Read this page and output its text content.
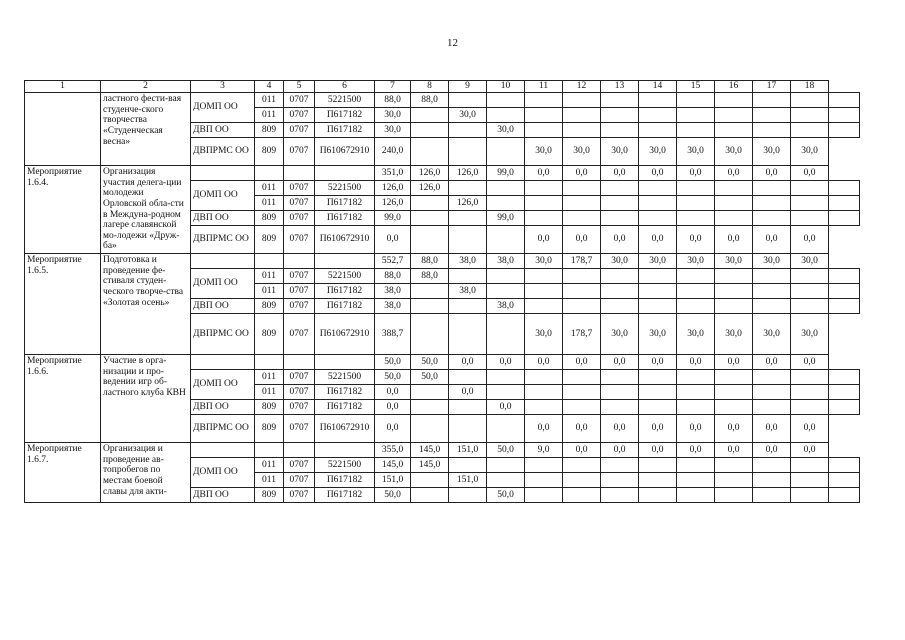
12
1	2	3	4	5	6	7	8	9	10	11	12	13	14	15	16	17	18	
	ластного фести-вая студенче-ского творчества «Студенческая весна»	ДОМП ОО	011	0707	5221500	88,0	88,0											
			011	0707	П617182	30,0		30,0										
		ДВП ОО	809	0707	П617182	30,0			30,0									
		ДВПРМС ОО	809	0707	П610672910	240,0				30,0	30,0	30,0	30,0	30,0	30,0	30,0	30,0	
Мероприятие 1.6.4.	Организация участия делега-ции молодежи Орловской обла-сти в Междуна-родном лагере славянской мо-лодежи «Друж-ба»					351,0	126,0	126,0	99,0	0,0	0,0	0,0	0,0	0,0	0,0	0,0	0,0	
		ДОМП ОО	011	0707	5221500	126,0	126,0											
			011	0707	П617182	126,0		126,0										
		ДВП ОО	809	0707	П617182	99,0			99,0									
		ДВПРМС ОО	809	0707	П610672910	0,0				0,0	0,0	0,0	0,0	0,0	0,0	0,0	0,0	
Мероприятие 1.6.5.	Подготовка и проведение фе-стиваля студен-ческого творче-ства «Золотая осень»					552,7	88,0	38,0	38,0	30,0	178,7	30,0	30,0	30,0	30,0	30,0	30,0	
		ДОМП ОО	011	0707	5221500	88,0	88,0											
			011	0707	П617182	38,0		38,0										
		ДВП ОО	809	0707	П617182	38,0			38,0									
		ДВПРМС ОО	809	0707	П610672910	388,7				30,0	178,7	30,0	30,0	30,0	30,0	30,0	30,0	
Мероприятие 1.6.6.	Участие в орга-низации и про-ведении игр об-ластного клуба КВН					50,0	50,0	0,0	0,0	0,0	0,0	0,0	0,0	0,0	0,0	0,0	0,0	
		ДОМП ОО	011	0707	5221500	50,0	50,0											
			011	0707	П617182	0,0		0,0										
		ДВП ОО	809	0707	П617182	0,0			0,0									
		ДВПРМС ОО	809	0707	П610672910	0,0				0,0	0,0	0,0	0,0	0,0	0,0	0,0	0,0	
Мероприятие 1.6.7.	Организация и проведение ав-топробегов по местам боевой славы для акти-					355,0	145,0	151,0	50,0	9,0	0,0	0,0	0,0	0,0	0,0	0,0	0,0	
		ДОМП ОО	011	0707	5221500	145,0	145,0											
			011	0707	П617182	151,0		151,0										
		ДВП ОО	809	0707	П617182	50,0			50,0									
